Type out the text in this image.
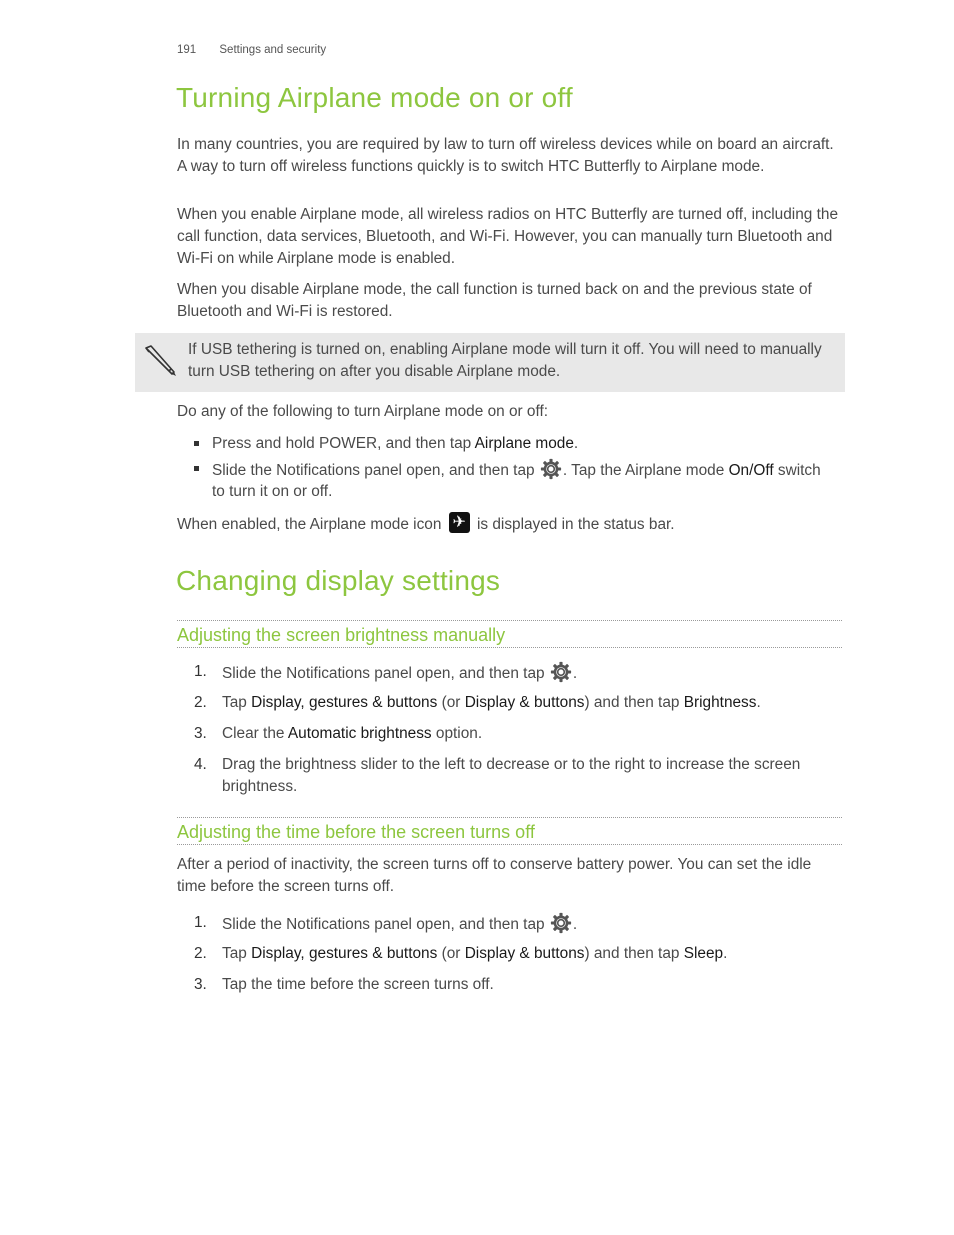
191 Settings and security
Turning Airplane mode on or off

In many countries, you are required by law to turn off wireless devices while on board an aircraft. A way to turn off wireless functions quickly is to switch HTC Butterfly to Airplane mode.

When you enable Airplane mode, all wireless radios on HTC Butterfly are turned off, including the call function, data services, Bluetooth, and Wi-Fi. However, you can manually turn Bluetooth and Wi-Fi on while Airplane mode is enabled.

When you disable Airplane mode, the call function is turned back on and the previous state of Bluetooth and Wi-Fi is restored.

If USB tethering is turned on, enabling Airplane mode will turn it off. You will need to manually turn USB tethering on after you disable Airplane mode.

Do any of the following to turn Airplane mode on or off:

Press and hold POWER, and then tap Airplane mode.
Slide the Notifications panel open, and then tap . Tap the Airplane mode On/Off switch to turn it on or off.

When enabled, the Airplane mode icon ✈ is displayed in the status bar.

Changing display settings
Adjusting the screen brightness manually
1. Slide the Notifications panel open, and then tap .
2. Tap Display, gestures & buttons (or Display & buttons) and then tap Brightness.
3. Clear the Automatic brightness option.
4. Drag the brightness slider to the left to decrease or to the right to increase the screen brightness.
Adjusting the time before the screen turns off

After a period of inactivity, the screen turns off to conserve battery power. You can set the idle time before the screen turns off.

1. Slide the Notifications panel open, and then tap .
2. Tap Display, gestures & buttons (or Display & buttons) and then tap Sleep.
3. Tap the time before the screen turns off.
